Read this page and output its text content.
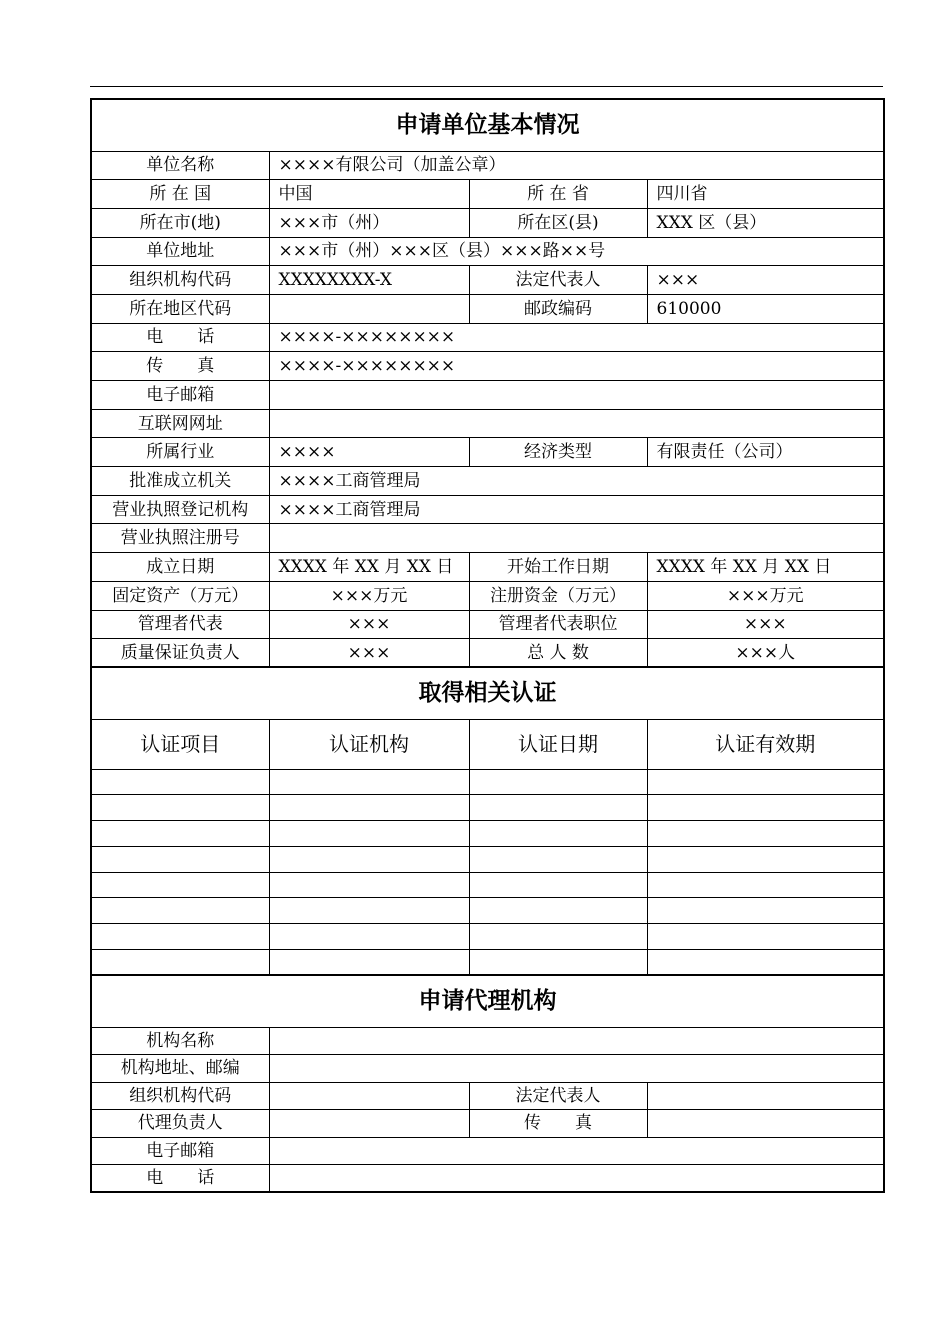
申请单位基本情况			
单位名称	××××有限公司（加盖公章）		
所 在 国	中国	所 在 省	四川省
所在市(地)	×××市（州）	所在区(县)	XXX 区（县）
单位地址	×××市（州）×××区（县）×××路××号		
组织机构代码	XXXXXXXX-X	法定代表人	×××
所在地区代码		邮政编码	610000
电　　话	××××-××××××××		
传　　真	××××-××××××××		
电子邮箱			
互联网网址			
所属行业	××××	经济类型	有限责任（公司）
批准成立机关	××××工商管理局		
营业执照登记机构	××××工商管理局		
营业执照注册号			
成立日期	XXXX 年 XX 月 XX 日	开始工作日期	XXXX 年 XX 月 XX 日
固定资产（万元）	×××万元	注册资金（万元）	×××万元
管理者代表	×××	管理者代表职位	×××
质量保证负责人	×××	总 人 数	×××人
取得相关认证			
认证项目	认证机构	认证日期	认证有效期

申请代理机构			
机构名称			
机构地址、邮编			
组织机构代码		法定代表人	
代理负责人		传　　真	
电子邮箱			
电　　话			
